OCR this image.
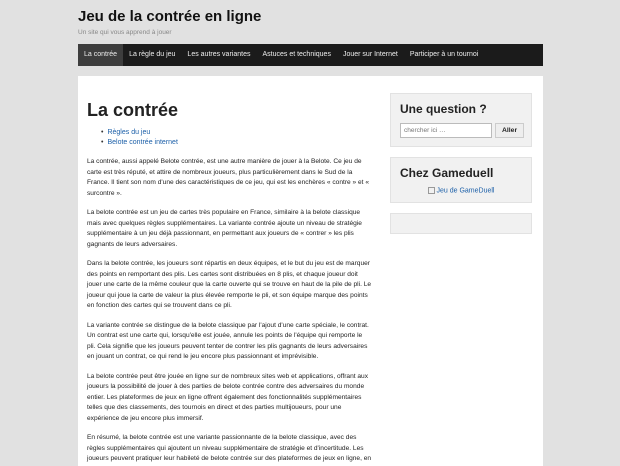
Jeu de la contrée en ligne
Un site qui vous apprend à jouer
La contrée	La règle du jeu	Les autres variantes	Astuces et techniques	Jouer sur Internet	Participer à un tournoi
La contrée
• Règles du jeu
• Belote contrée internet

La contrée, aussi appelé Belote contrée, est une autre manière de jouer à la Belote. Ce jeu de carte est très réputé, et attire de nombreux joueurs, plus particulièrement dans le Sud de la France. Il tient son nom d'une des caractéristiques de ce jeu, qui est les enchères « contre » et « surcontre ».

La belote contrée est un jeu de cartes très populaire en France, similaire à la belote classique mais avec quelques règles supplémentaires. La variante contrée ajoute un niveau de stratégie supplémentaire à un jeu déjà passionnant, en permettant aux joueurs de « contrer » les plis gagnants de leurs adversaires.

Dans la belote contrée, les joueurs sont répartis en deux équipes, et le but du jeu est de marquer des points en remportant des plis. Les cartes sont distribuées en 8 plis, et chaque joueur doit jouer une carte de la même couleur que la carte ouverte qui se trouve en haut de la pile de pli. Le joueur qui joue la carte de valeur la plus élevée remporte le pli, et son équipe marque des points en fonction des cartes qui se trouvent dans ce pli.

La variante contrée se distingue de la belote classique par l'ajout d'une carte spéciale, le contrat. Un contrat est une carte qui, lorsqu'elle est jouée, annule les points de l'équipe qui remporte le pli. Cela signifie que les joueurs peuvent tenter de contrer les plis gagnants de leurs adversaires en jouant un contrat, ce qui rend le jeu encore plus passionnant et imprévisible.

La belote contrée peut être jouée en ligne sur de nombreux sites web et applications, offrant aux joueurs la possibilité de jouer à des parties de belote contrée contre des adversaires du monde entier. Les plateformes de jeux en ligne offrent également des fonctionnalités supplémentaires telles que des classements, des tournois en direct et des parties multijoueurs, pour une expérience de jeu encore plus immersif.

En résumé, la belote contrée est une variante passionnante de la belote classique, avec des règles supplémentaires qui ajoutent un niveau supplémentaire de stratégie et d'incertitude. Les joueurs peuvent pratiquer leur habileté de belote contrée sur des plateformes de jeux en ligne, en

Une question ?
chercher ici …
Aller
Chez Gameduell
Jeu de GameDuell
